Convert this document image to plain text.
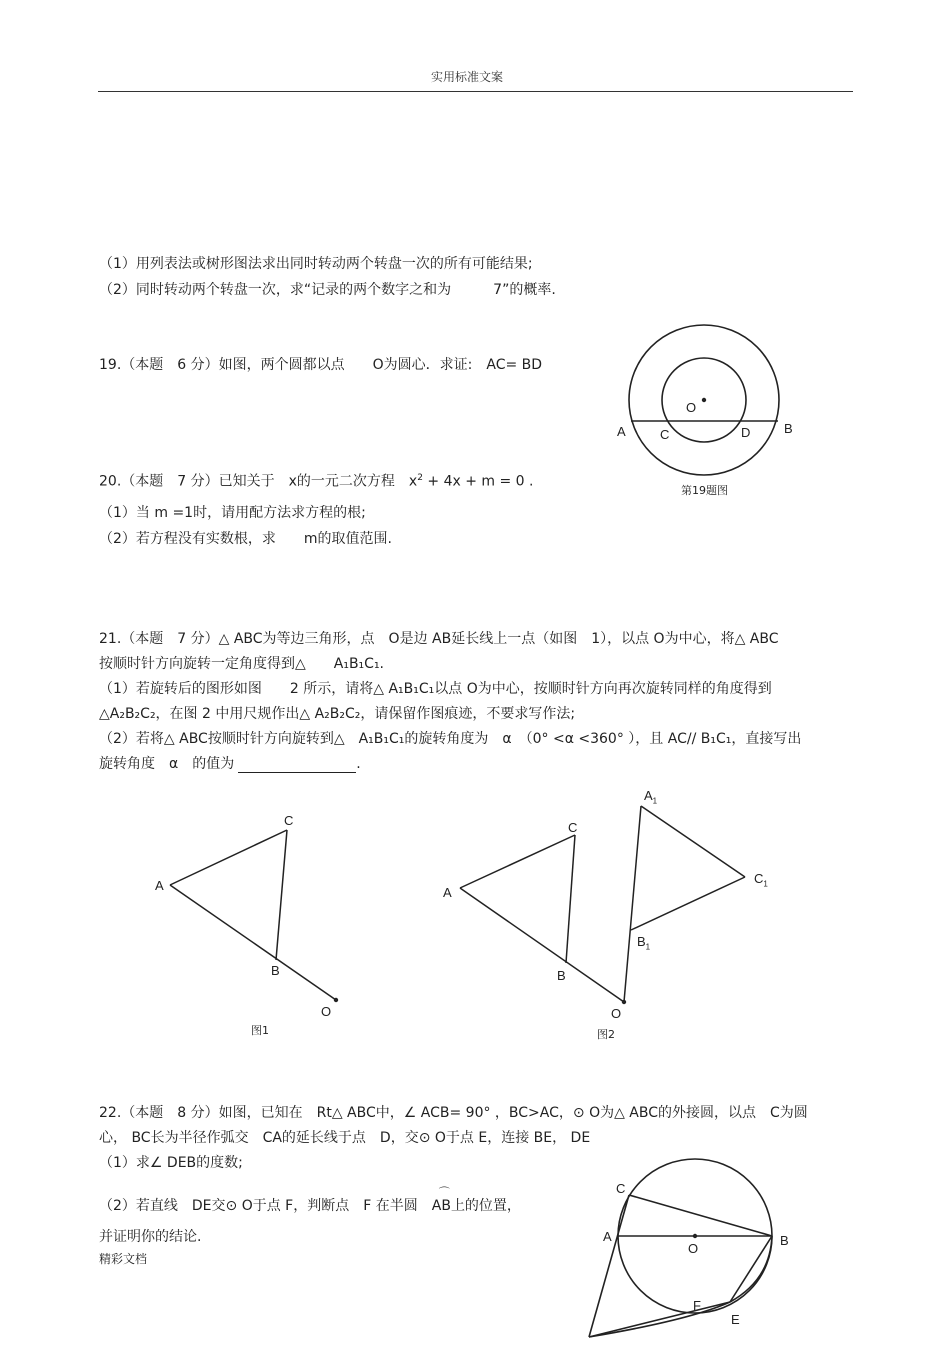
实用标准文案
（1）用列表法或树形图法求出同时转动两个转盘一次的所有可能结果;
（2）同时转动两个转盘一次，求“记录的两个数字之和为　　　7”的概率.
19.（本题　6 分）如图，两个圆都以点　　O为圆心．求证:　AC= BD
O
A	C	D	B
第19题图
20.（本题　7 分）已知关于　x的一元二次方程　$x^2 + 4x + m = 0$ .
（1）当 m =1时，请用配方法求方程的根;
（2）若方程没有实数根，求　　m的取值范围.
21.（本题　7 分）△ ABC为等边三角形，点　O是边 AB延长线上一点（如图　1），以点 O为中心，将△ ABC
按顺时针方向旋转一定角度得到△　　A₁B₁C₁.
（1）若旋转后的图形如图　　2 所示，请将△ A₁B₁C₁以点 O为中心，按顺时针方向再次旋转同样的角度得到
△A₂B₂C₂，在图 2 中用尺规作出△ A₂B₂C₂，请保留作图痕迹，不要求写作法;
（2）若将△ ABC按顺时针方向旋转到△　A₁B₁C₁的旋转角度为　α　（0° <α <360° ），且 AC// B₁C₁，直接写出
旋转角度　α　的值为	.
A
C
B
O
图1
A
C
B
O
$A_1$
$C_1$
$B_1$
图2
22.（本题　8 分）如图，已知在　Rt△ ABC中，∠ ACB= 90° ，BC>AC，⊙ O为△ ABC的外接圆，以点　C为圆
心， BC长为半径作弧交　CA的延长线于点　D，交⊙ O于点 E，连接 BE， DE
（1）求∠ DEB的度数;
（2）若直线　DE交⊙ O于点 F，判断点　F 在半圆　
⌒
AB上的位置，
并证明你的结论.
C
A
O
B
F
E
精彩文档
